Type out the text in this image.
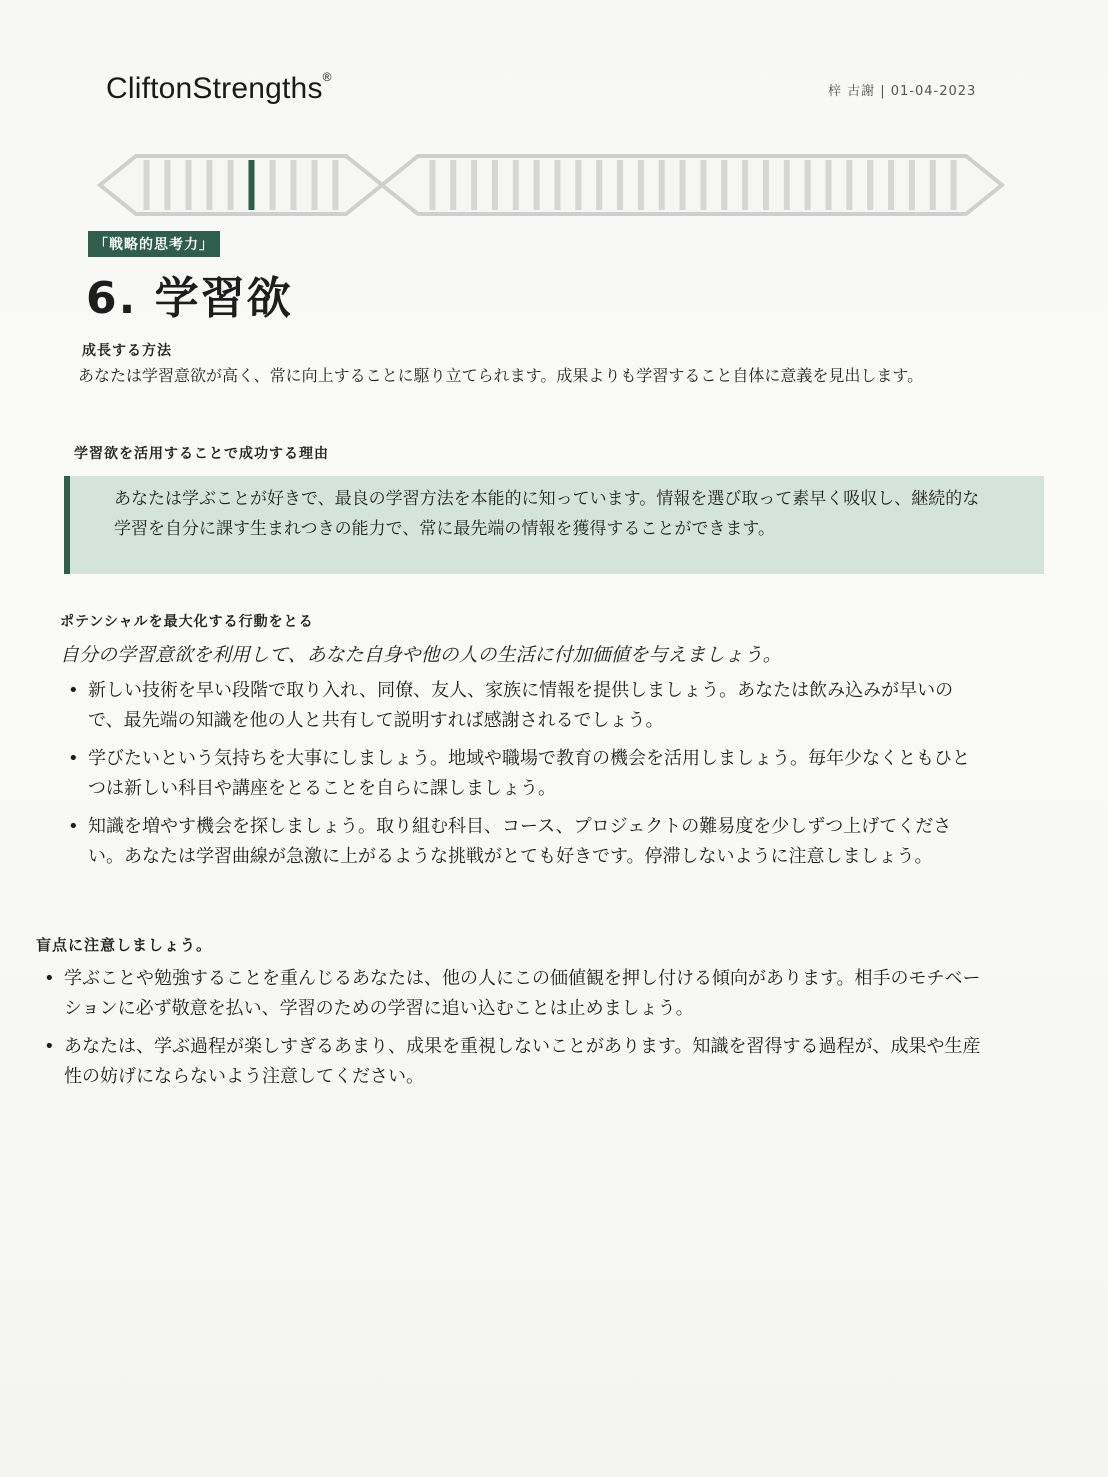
CliftonStrengths®
梓 古謝 | 01-04-2023
「戦略的思考力」
6. 学習欲
成長する方法
あなたは学習意欲が高く、常に向上することに駆り立てられます。成果よりも学習すること自体に意義を見出します。
学習欲を活用することで成功する理由
あなたは学ぶことが好きで、最良の学習方法を本能的に知っています。情報を選び取って素早く吸収し、継続的な学習を自分に課す生まれつきの能力で、常に最先端の情報を獲得することができます。
ポテンシャルを最大化する行動をとる
自分の学習意欲を利用して、あなた自身や他の人の生活に付加価値を与えましょう。
• 新しい技術を早い段階で取り入れ、同僚、友人、家族に情報を提供しましょう。あなたは飲み込みが早いので、最先端の知識を他の人と共有して説明すれば感謝されるでしょう。
• 学びたいという気持ちを大事にしましょう。地域や職場で教育の機会を活用しましょう。毎年少なくともひとつは新しい科目や講座をとることを自らに課しましょう。
• 知識を増やす機会を探しましょう。取り組む科目、コース、プロジェクトの難易度を少しずつ上げてください。あなたは学習曲線が急激に上がるような挑戦がとても好きです。停滞しないように注意しましょう。
盲点に注意しましょう。
• 学ぶことや勉強することを重んじるあなたは、他の人にこの価値観を押し付ける傾向があります。相手のモチベーションに必ず敬意を払い、学習のための学習に追い込むことは止めましょう。
• あなたは、学ぶ過程が楽しすぎるあまり、成果を重視しないことがあります。知識を習得する過程が、成果や生産性の妨げにならないよう注意してください。
